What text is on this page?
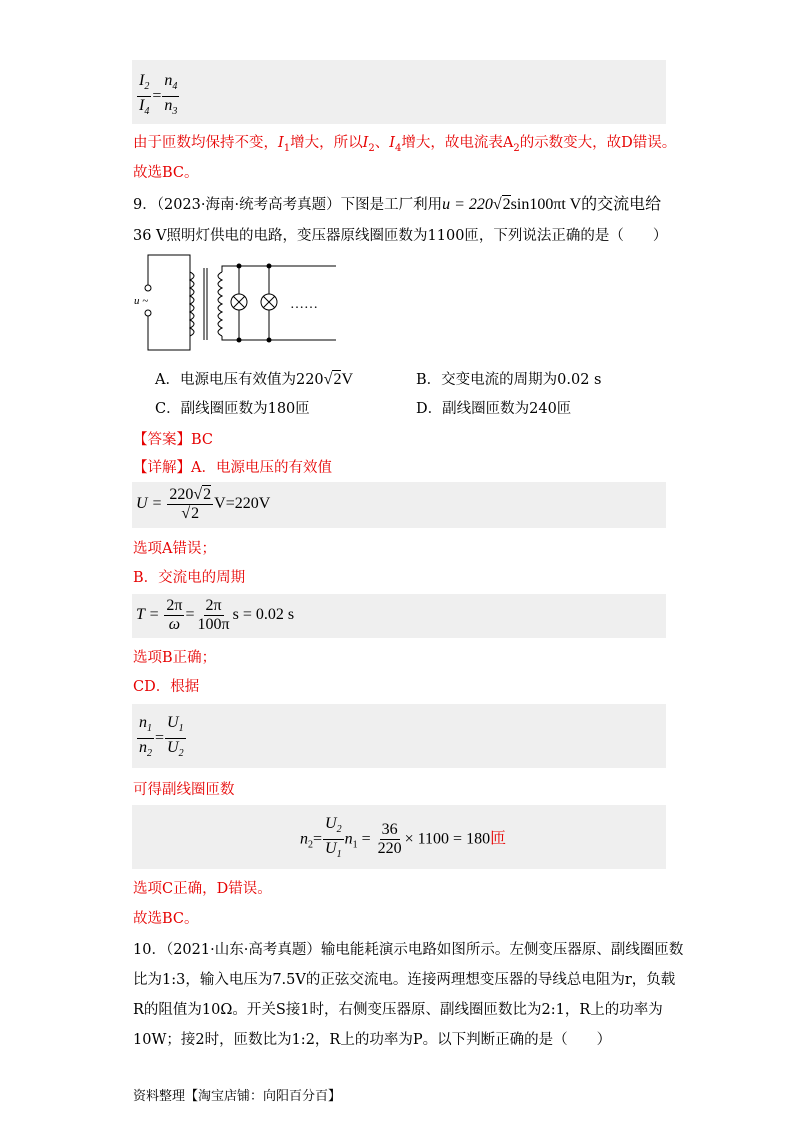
$\frac{I_2}{I_4} = \frac{n_4}{n_3}$
由于匝数均保持不变，$I_1$增大，所以$I_2$、$I_4$增大，故电流表$A_2$的示数变大，故D错误。
故选BC。
9．（2023·海南·统考高考真题）下图是工厂利用u = 220√2sin100πt V的交流电给
36 V照明灯供电的电路，变压器原线圈匝数为1100匝，下列说法正确的是（　　）
u ~	……
A．电源电压有效值为220√2V	B．交变电流的周期为0.02 s
C．副线圈匝数为180匝	D．副线圈匝数为240匝
【答案】BC
【详解】A．电源电压的有效值
$U = \frac{220√2}{√2} V=220V$
选项A错误；
B．交流电的周期
$T = \frac{2\pi}{\omega} = \frac{2\pi}{100\pi}$ s = 0.02 s
选项B正确；
CD．根据
$\frac{n_1}{n_2} = \frac{U_1}{U_2}$
可得副线圈匝数
$n_2= \frac{U_2}{U_1} n_1 = \frac{36}{220} \times 1100 = 180$匝
选项C正确，D错误。
故选BC。
10．（2021·山东·高考真题）输电能耗演示电路如图所示。左侧变压器原、副线圈匝数
比为1:3，输入电压为7.5V的正弦交流电。连接两理想变压器的导线总电阻为r，负载
R的阻值为10Ω。开关S接1时，右侧变压器原、副线圈匝数比为2:1，R上的功率为
10W；接2时，匝数比为1:2，R上的功率为P。以下判断正确的是（　　）
资料整理【淘宝店铺：向阳百分百】
